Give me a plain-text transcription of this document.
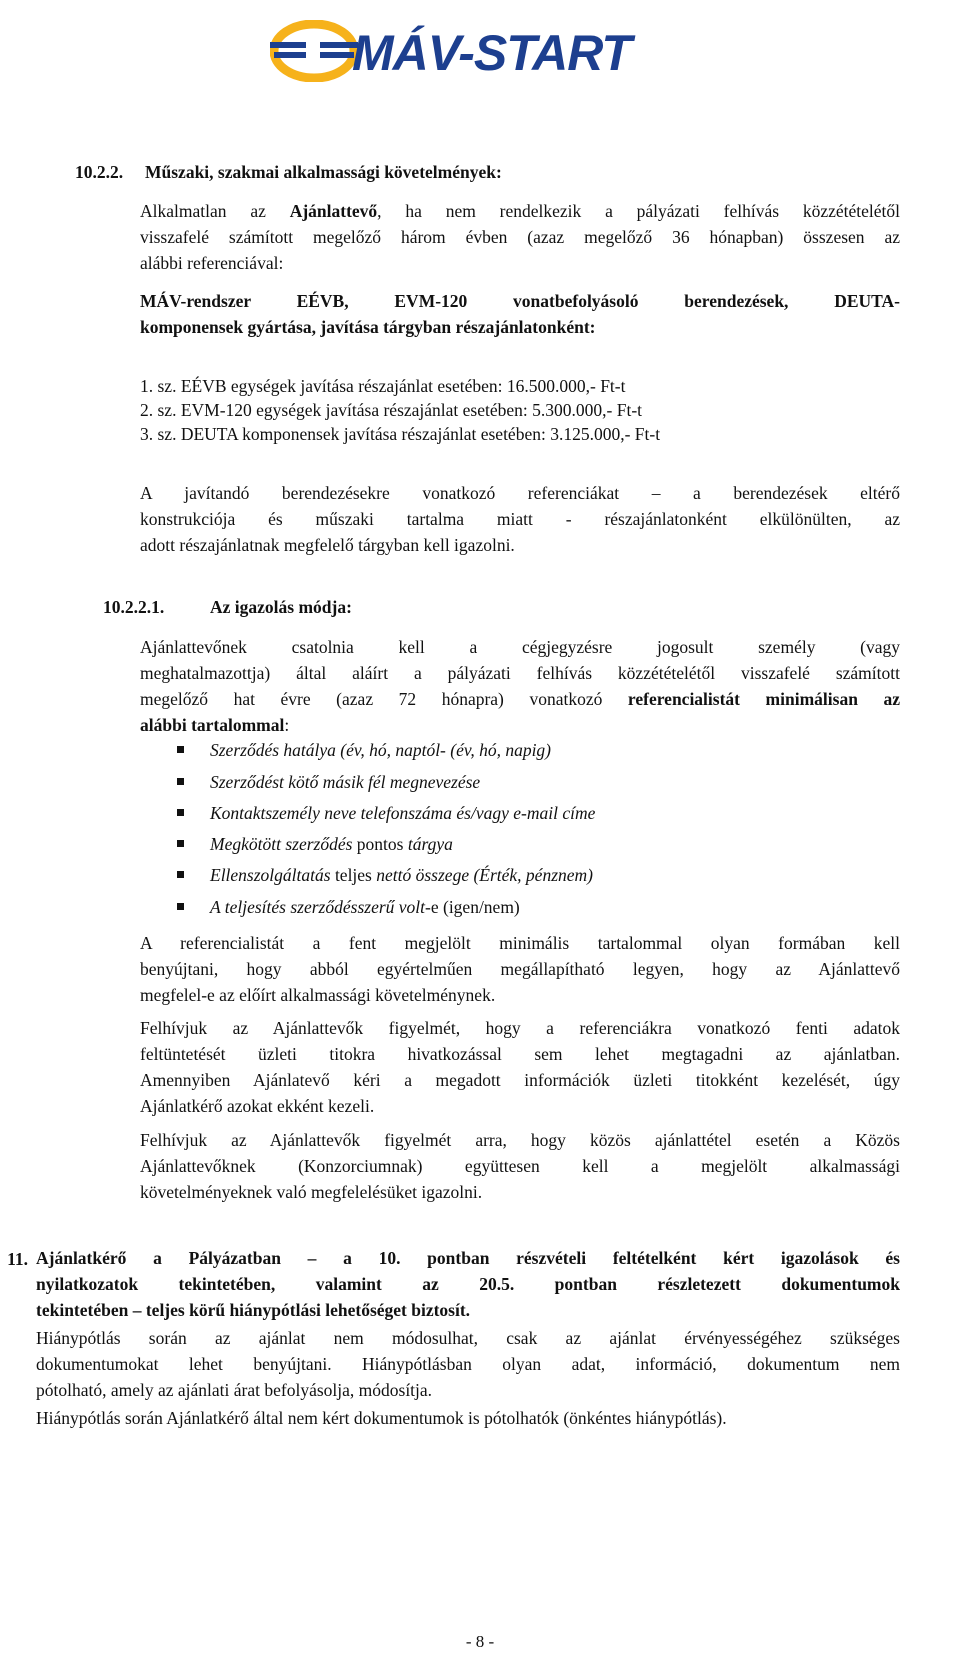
MÁV-START
10.2.2. Műszaki, szakmai alkalmassági követelmények:
Alkalmatlan az Ajánlattevő, ha nem rendelkezik a pályázati felhívás közzétételétől
visszafelé számított megelőző három évben (azaz megelőző 36 hónapban) összesen az
alábbi referenciával:
MÁV-rendszer EÉVB, EVM-120 vonatbefolyásoló berendezések, DEUTA-
komponensek gyártása, javítása tárgyban részajánlatonként:
1. sz. EÉVB egységek javítása részajánlat esetében: 16.500.000,- Ft-t
2. sz. EVM-120 egységek javítása részajánlat esetében: 5.300.000,- Ft-t
3. sz. DEUTA komponensek javítása részajánlat esetében: 3.125.000,- Ft-t
A javítandó berendezésekre vonatkozó referenciákat – a berendezések eltérő
konstrukciója és műszaki tartalma miatt - részajánlatonként elkülönülten, az
adott részajánlatnak megfelelő tárgyban kell igazolni.
10.2.2.1.	Az igazolás módja:
Ajánlattevőnek csatolnia kell a cégjegyzésre jogosult személy (vagy
meghatalmazottja) által aláírt a pályázati felhívás közzétételétől visszafelé számított
megelőző hat évre (azaz 72 hónapra) vonatkozó referencialistát minimálisan az
alábbi tartalommal:
Szerződés hatálya (év, hó, naptól- (év, hó, napig)
Szerződést kötő másik fél megnevezése
Kontaktszemély neve telefonszáma és/vagy e-mail címe
Megkötött szerződés pontos tárgya
Ellenszolgáltatás teljes nettó összege (Érték, pénznem)
A teljesítés szerződésszerű volt-e (igen/nem)
A referencialistát a fent megjelölt minimális tartalommal olyan formában kell
benyújtani, hogy abból egyértelműen megállapítható legyen, hogy az Ajánlattevő
megfelel-e az előírt alkalmassági követelménynek.
Felhívjuk az Ajánlattevők figyelmét, hogy a referenciákra vonatkozó fenti adatok
feltüntetését üzleti titokra hivatkozással sem lehet megtagadni az ajánlatban.
Amennyiben Ajánlatevő kéri a megadott információk üzleti titokként kezelését, úgy
Ajánlatkérő azokat ekként kezeli.
Felhívjuk az Ajánlattevők figyelmét arra, hogy közös ajánlattétel esetén a Közös
Ajánlattevőknek (Konzorciumnak) együttesen kell a megjelölt alkalmassági
követelményeknek való megfelelésüket igazolni.
11. Ajánlatkérő a Pályázatban – a 10. pontban részvételi feltételként kért igazolások és
nyilatkozatok tekintetében, valamint az 20.5. pontban részletezett dokumentumok
tekintetében – teljes körű hiánypótlási lehetőséget biztosít.
Hiánypótlás során az ajánlat nem módosulhat, csak az ajánlat érvényességéhez szükséges
dokumentumokat lehet benyújtani. Hiánypótlásban olyan adat, információ, dokumentum nem
pótolható, amely az ajánlati árat befolyásolja, módosítja.
Hiánypótlás során Ajánlatkérő által nem kért dokumentumok is pótolhatók (önkéntes hiánypótlás).
- 8 -
